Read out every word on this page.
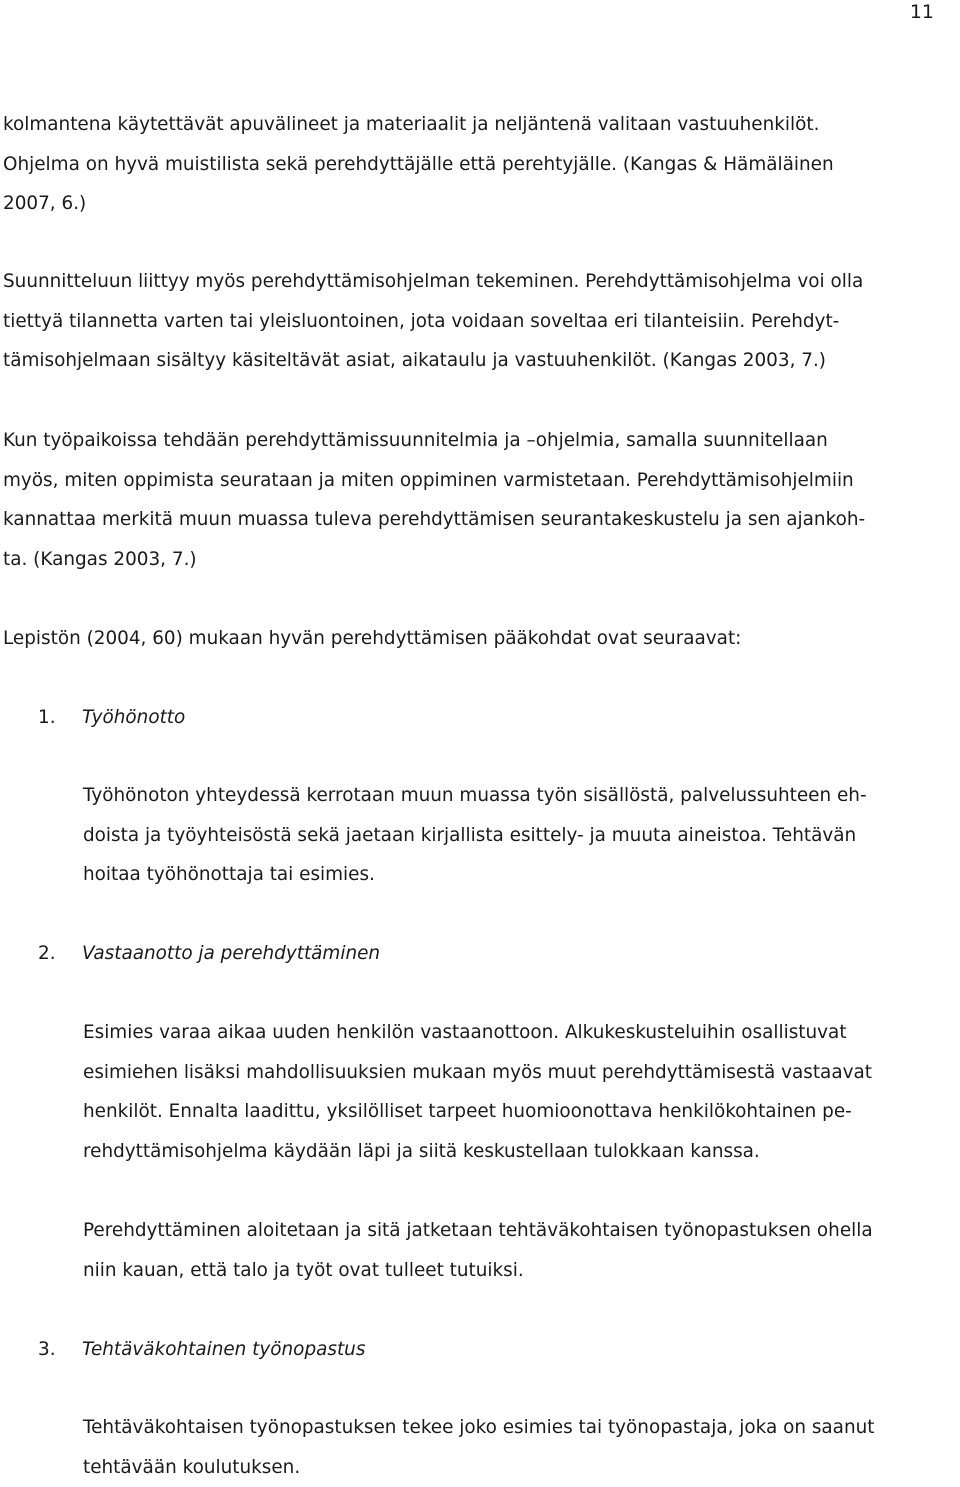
11
kolmantena käytettävät apuvälineet ja materiaalit ja neljäntenä valitaan vastuuhenkilöt.
Ohjelma on hyvä muistilista sekä perehdyttäjälle että perehtyjälle. (Kangas & Hämäläinen
2007, 6.)
Suunnitteluun liittyy myös perehdyttämisohjelman tekeminen. Perehdyttämisohjelma voi olla
tiettyä tilannetta varten tai yleisluontoinen, jota voidaan soveltaa eri tilanteisiin. Perehdyt-
tämisohjelmaan sisältyy käsiteltävät asiat, aikataulu ja vastuuhenkilöt. (Kangas 2003, 7.)
Kun työpaikoissa tehdään perehdyttämissuunnitelmia ja –ohjelmia, samalla suunnitellaan
myös, miten oppimista seurataan ja miten oppiminen varmistetaan. Perehdyttämisohjelmiin
kannattaa merkitä muun muassa tuleva perehdyttämisen seurantakeskustelu ja sen ajankoh-
ta. (Kangas 2003, 7.)
Lepistön (2004, 60) mukaan hyvän perehdyttämisen pääkohdat ovat seuraavat:
1. Työhönotto
Työhönoton yhteydessä kerrotaan muun muassa työn sisällöstä, palvelussuhteen eh-
doista ja työyhteisöstä sekä jaetaan kirjallista esittely- ja muuta aineistoa. Tehtävän
hoitaa työhönottaja tai esimies.
2. Vastaanotto ja perehdyttäminen
Esimies varaa aikaa uuden henkilön vastaanottoon. Alkukeskusteluihin osallistuvat
esimiehen lisäksi mahdollisuuksien mukaan myös muut perehdyttämisestä vastaavat
henkilöt. Ennalta laadittu, yksilölliset tarpeet huomioonottava henkilökohtainen pe-
rehdyttämisohjelma käydään läpi ja siitä keskustellaan tulokkaan kanssa.
Perehdyttäminen aloitetaan ja sitä jatketaan tehtäväkohtaisen työnopastuksen ohella
niin kauan, että talo ja työt ovat tulleet tutuiksi.
3. Tehtäväkohtainen työnopastus
Tehtäväkohtaisen työnopastuksen tekee joko esimies tai työnopastaja, joka on saanut
tehtävään koulutuksen.
